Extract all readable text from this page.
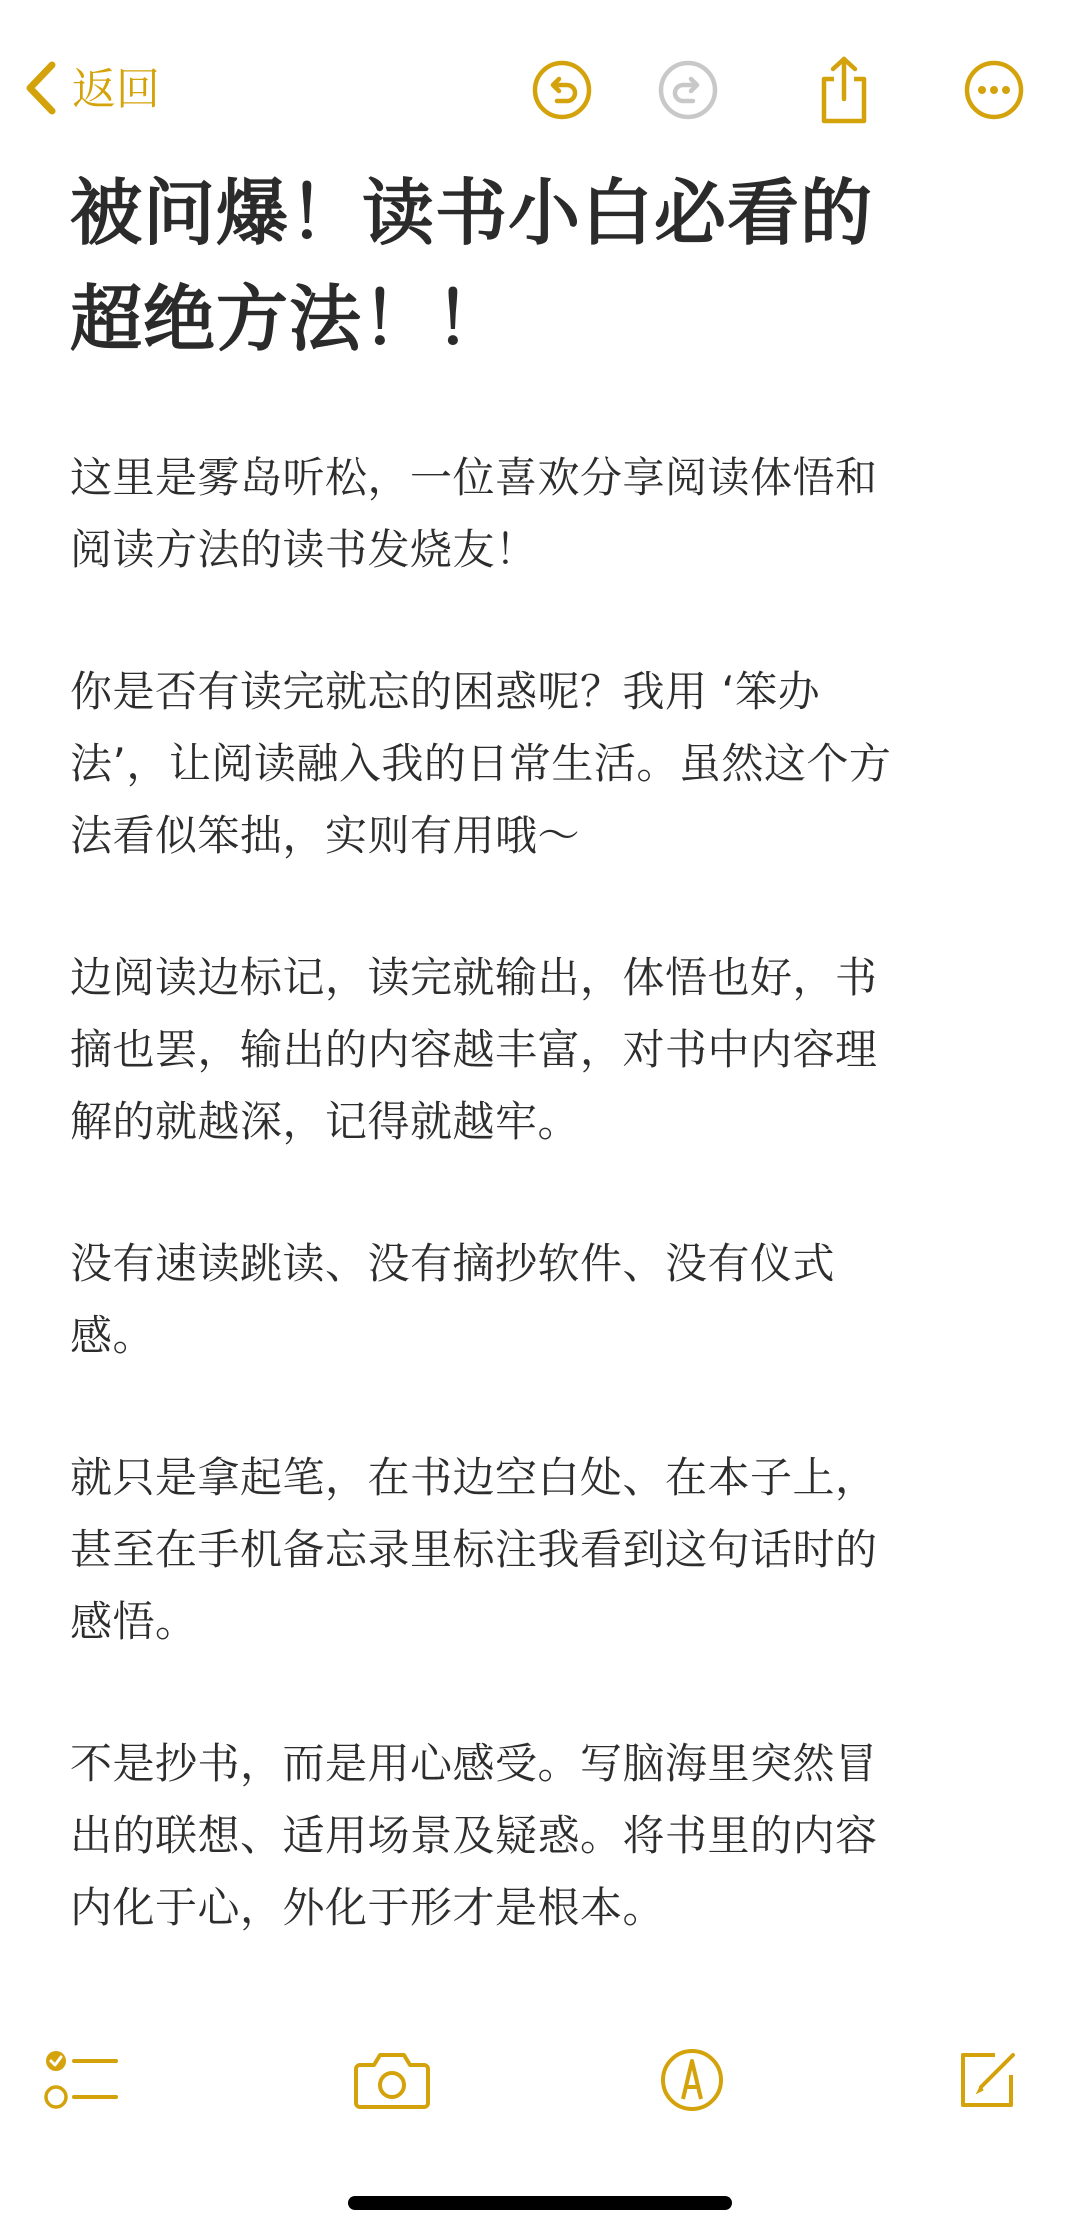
返回
被问爆！读书小白必看的
超绝方法！！
这里是雾岛听松，一位喜欢分享阅读体悟和
阅读方法的读书发烧友！
你是否有读完就忘的困惑呢？我用 ‘笨办
法’，让阅读融入我的日常生活。虽然这个方
法看似笨拙，实则有用哦～
边阅读边标记，读完就输出，体悟也好，书
摘也罢，输出的内容越丰富，对书中内容理
解的就越深，记得就越牢。
没有速读跳读、没有摘抄软件、没有仪式
感。
就只是拿起笔，在书边空白处、在本子上，
甚至在手机备忘录里标注我看到这句话时的
感悟。
不是抄书，而是用心感受。写脑海里突然冒
出的联想、适用场景及疑惑。将书里的内容
内化于心，外化于形才是根本。
